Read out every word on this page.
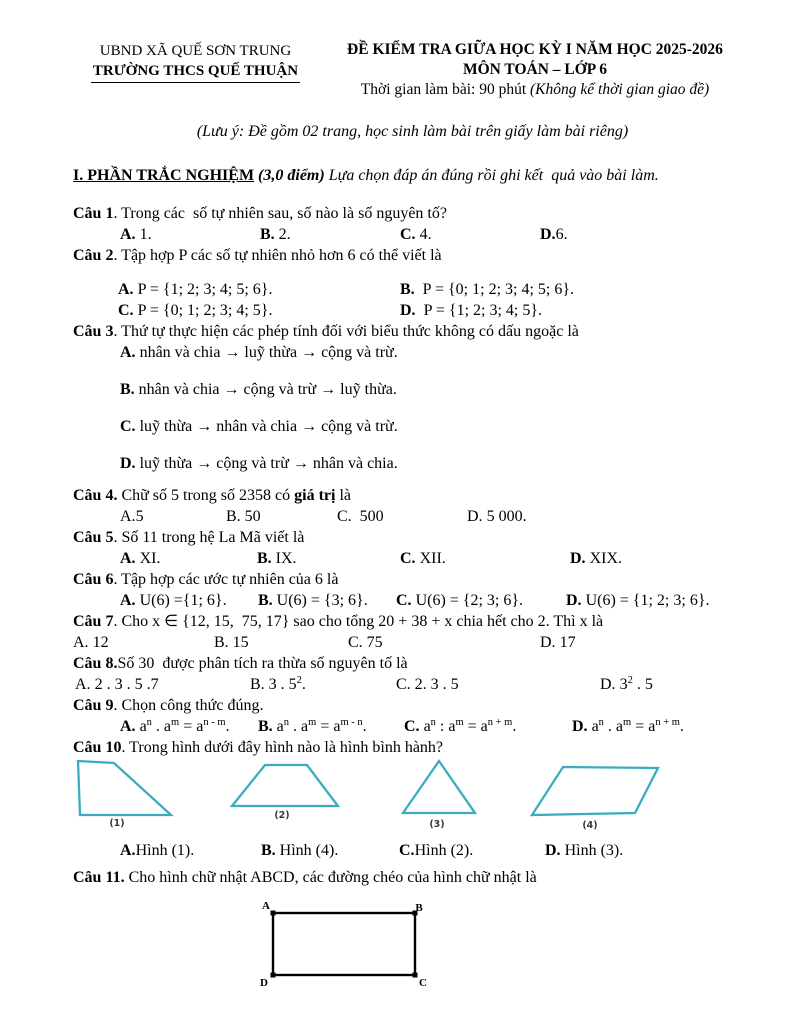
UBND XÃ QUẾ SƠN TRUNG
TRƯỜNG THCS QUẾ THUẬN
ĐỀ KIỂM TRA GIỮA HỌC KỲ I NĂM HỌC 2025-2026
MÔN TOÁN – LỚP 6
Thời gian làm bài: 90 phút (Không kể thời gian giao đề)
(Lưu ý: Đề gồm 02 trang, học sinh làm bài trên giấy làm bài riêng)
I. PHẦN TRẮC NGHIỆM (3,0 điểm) Lựa chọn đáp án đúng rồi ghi kết  quả vào bài làm.
Câu 1. Trong các  số tự nhiên sau, số nào là số nguyên tố?
A. 1.	B. 2.	C. 4.	D.6.
Câu 2. Tập hợp P các số tự nhiên nhỏ hơn 6 có thể viết là
A. P = {1; 2; 3; 4; 5; 6}.	B.  P = {0; 1; 2; 3; 4; 5; 6}.
C. P = {0; 1; 2; 3; 4; 5}.	D.  P = {1; 2; 3; 4; 5}.
Câu 3. Thứ tự thực hiện các phép tính đối với biểu thức không có dấu ngoặc là
A. nhân và chia → luỹ thừa → cộng và trừ.
B. nhân và chia → cộng và trừ → luỹ thừa.
C. luỹ thừa → nhân và chia → cộng và trừ.
D. luỹ thừa → cộng và trừ → nhân và chia.
Câu 4. Chữ số 5 trong số 2358 có giá trị là
A.5	B. 50	C.  500	D. 5 000.
Câu 5. Số 11 trong hệ La Mã viết là
A. XI.	B. IX.	C. XII.	D. XIX.
Câu 6. Tập hợp các ước tự nhiên của 6 là
A. U(6) ={1; 6}. B. U(6) = {3; 6}. C. U(6) = {2; 3; 6}.	D. U(6) = {1; 2; 3; 6}.
Câu 7. Cho x ∈ {12, 15,  75, 17} sao cho tổng 20 + 38 + x chia hết cho 2. Thì x là
A. 12	B. 15	C. 75	D. 17
Câu 8.Số 30  được phân tích ra thừa số nguyên tố là
A. 2 . 3 . 5 .7	B. 3 . $5^2$.	C. 2. 3 . 5	D. $3^2$ . 5
Câu 9. Chọn công thức đúng.
A. $a^n$ . $a^m = a^{n - m}$. B. $a^n$ . $a^m = a^{m - n}$. C. $a^n$ : $a^m = a^{n + m}$.	D. $a^n$ . $a^m = a^{n + m}$.
Câu 10. Trong hình dưới đây hình nào là hình bình hành?
(1)
(2)
(3)	(4)
A.Hình (1).	B. Hình (4).	C.Hình (2).	D. Hình (3).
Câu 11. Cho hình chữ nhật ABCD, các đường chéo của hình chữ nhật là
A	B
D	C
